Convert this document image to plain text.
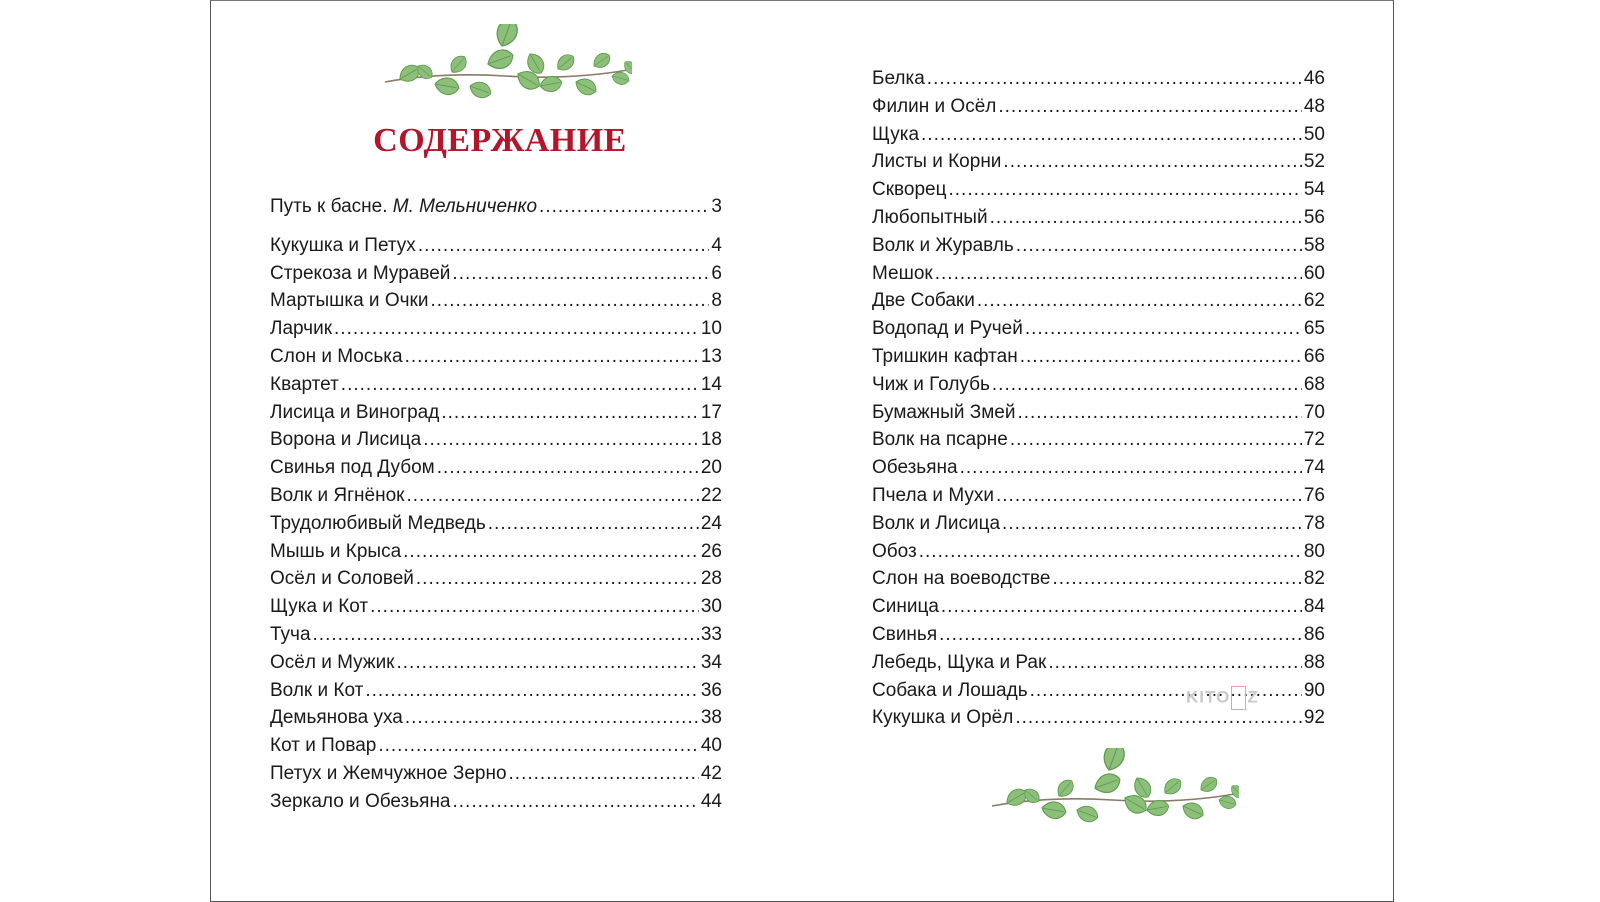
СОДЕРЖАНИЕ
Путь к басне. М. Мельниченко .....	3
Кукушка и Петух .....	4
Стрекоза и Муравей .....	6
Мартышка и Очки .....	8
Ларчик .....	10
Слон и Моська .....	13
Квартет .....	14
Лисица и Виноград .....	17
Ворона и Лисица .....	18
Свинья под Дубом .....	20
Волк и Ягнёнок .....	22
Трудолюбивый Медведь .....	24
Мышь и Крыса .....	26
Осёл и Соловей .....	28
Щука и Кот .....	30
Туча .....	33
Осёл и Мужик .....	34
Волк и Кот .....	36
Демьянова уха .....	38
Кот и Повар .....	40
Петух и Жемчужное Зерно .....	42
Зеркало и Обезьяна .....	44
Белка .....	46
Филин и Осёл .....	48
Щука .....	50
Листы и Корни .....	52
Скворец .....	54
Любопытный .....	56
Волк и Журавль .....	58
Мешок .....	60
Две Собаки .....	62
Водопад и Ручей .....	65
Тришкин кафтан .....	66
Чиж и Голубь .....	68
Бумажный Змей .....	70
Волк на псарне .....	72
Обезьяна .....	74
Пчела и Мухи .....	76
Волк и Лисица .....	78
Обоз .....	80
Слон на воеводстве .....	82
Синица .....	84
Свинья .....	86
Лебедь, Щука и Рак .....	88
Собака и Лошадь .....	90
Кукушка и Орёл .....	92
KITO Z
